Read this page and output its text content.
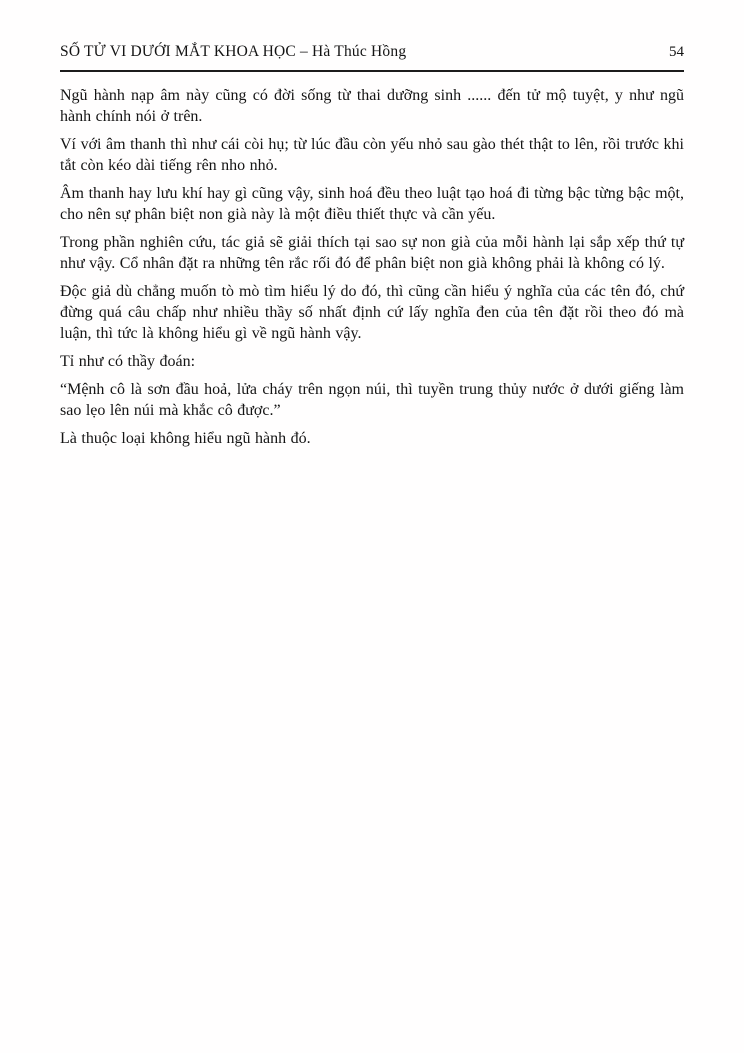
SỐ TỬ VI DƯỚI MẮT KHOA HỌC – Hà Thúc Hồng	54

Ngũ hành nạp âm này cũng có đời sống từ thai dưỡng sinh ...... đến tử mộ tuyệt, y như ngũ hành chính nói ở trên.

Ví với âm thanh thì như cái còi hụ; từ lúc đầu còn yếu nhỏ sau gào thét thật to lên, rồi trước khi tắt còn kéo dài tiếng rên nho nhỏ.

Âm thanh hay lưu khí hay gì cũng vậy, sinh hoá đều theo luật tạo hoá đi từng bậc từng bậc một, cho nên sự phân biệt non già này là một điều thiết thực và cần yếu.

Trong phần nghiên cứu, tác giả sẽ giải thích tại sao sự non già của mỗi hành lại sắp xếp thứ tự như vậy. Cổ nhân đặt ra những tên rắc rối đó để phân biệt non già không phải là không có lý.

Độc giả dù chẳng muốn tò mò tìm hiểu lý do đó, thì cũng cần hiểu ý nghĩa của các tên đó, chứ đừng quá câu chấp như nhiều thầy số nhất định cứ lấy nghĩa đen của tên đặt rồi theo đó mà luận, thì tức là không hiểu gì về ngũ hành vậy.

Tỉ như có thầy đoán:

“Mệnh cô là sơn đầu hoả, lửa cháy trên ngọn núi, thì tuyền trung thủy nước ở dưới giếng làm sao lẹo lên núi mà khắc cô được.”

Là thuộc loại không hiểu ngũ hành đó.
